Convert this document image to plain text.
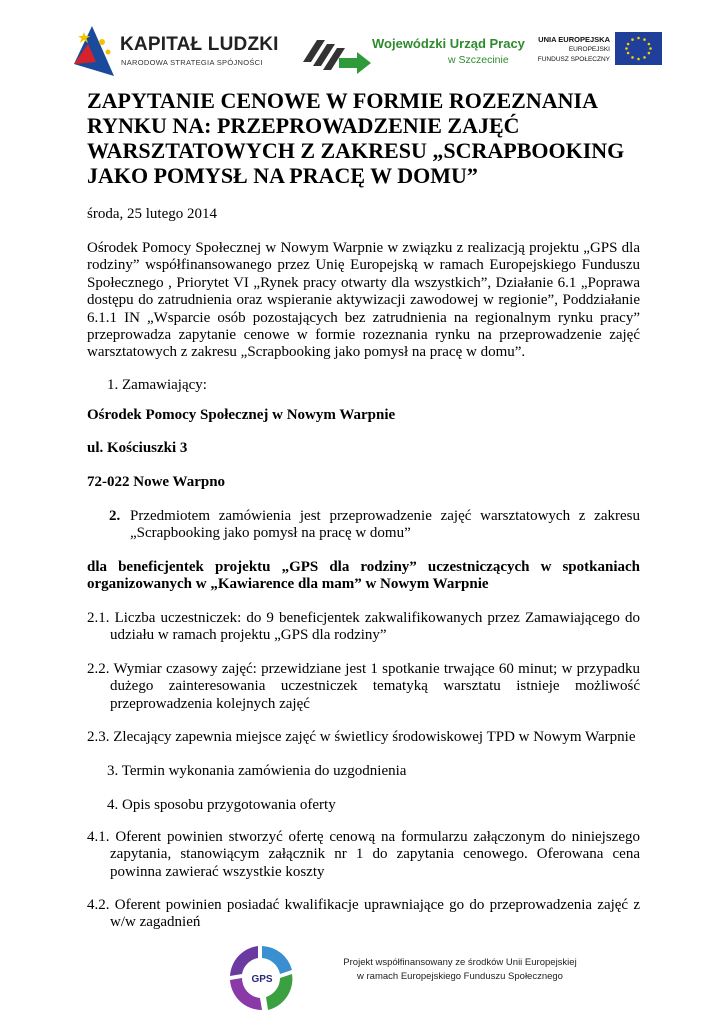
KAPITAŁ LUDZKI
NARODOWA STRATEGIA SPÓJNOŚCI
Wojewódzki Urząd Pracy
w Szczecinie
UNIA EUROPEJSKA
EUROPEJSKI
FUNDUSZ SPOŁECZNY
ZAPYTANIE CENOWE W FORMIE ROZEZNANIA
RYNKU NA: PRZEPROWADZENIE ZAJĘĆ
WARSZTATOWYCH Z ZAKRESU „SCRAPBOOKING
JAKO POMYSŁ NA PRACĘ W DOMU”

środa, 25 lutego 2014

Ośrodek Pomocy Społecznej w Nowym Warpnie w związku z realizacją projektu „GPS dla rodziny” współfinansowanego przez Unię Europejską w ramach Europejskiego Funduszu Społecznego , Priorytet VI „Rynek pracy otwarty dla wszystkich”, Działanie 6.1 „Poprawa dostępu do zatrudnienia oraz wspieranie aktywizacji zawodowej w regionie”, Poddziałanie 6.1.1 IN „Wsparcie osób pozostających bez zatrudnienia na regionalnym rynku pracy” przeprowadza zapytanie cenowe w formie rozeznania rynku na przeprowadzenie zajęć warsztatowych z zakresu „Scrapbooking jako pomysł na pracę w domu”.

1. Zamawiający:

Ośrodek Pomocy Społecznej w Nowym Warpnie

ul. Kościuszki 3

72-022 Nowe Warpno

2. Przedmiotem zamówienia jest przeprowadzenie zajęć warsztatowych z zakresu „Scrapbooking jako pomysł na pracę w domu”

dla beneficjentek projektu „GPS dla rodziny” uczestniczących w spotkaniach organizowanych w „Kawiarence dla mam” w Nowym Warpnie

2.1. Liczba uczestniczek: do 9 beneficjentek zakwalifikowanych przez Zamawiającego do udziału w ramach projektu „GPS dla rodziny”

2.2. Wymiar czasowy zajęć: przewidziane jest 1 spotkanie trwające 60 minut; w przypadku dużego zainteresowania uczestniczek tematyką warsztatu istnieje możliwość przeprowadzenia kolejnych zajęć

2.3. Zlecający zapewnia miejsce zajęć w świetlicy środowiskowej TPD w Nowym Warpnie

3. Termin wykonania zamówienia do uzgodnienia

4. Opis sposobu przygotowania oferty

4.1. Oferent powinien stworzyć ofertę cenową na formularzu załączonym do niniejszego zapytania, stanowiącym załącznik nr 1 do zapytania cenowego. Oferowana cena powinna zawierać wszystkie koszty

4.2. Oferent powinien posiadać kwalifikacje uprawniające go do przeprowadzenia zajęć z w/w zagadnień

GPS
Projekt współfinansowany ze środków Unii Europejskiej
w ramach Europejskiego Funduszu Społecznego
